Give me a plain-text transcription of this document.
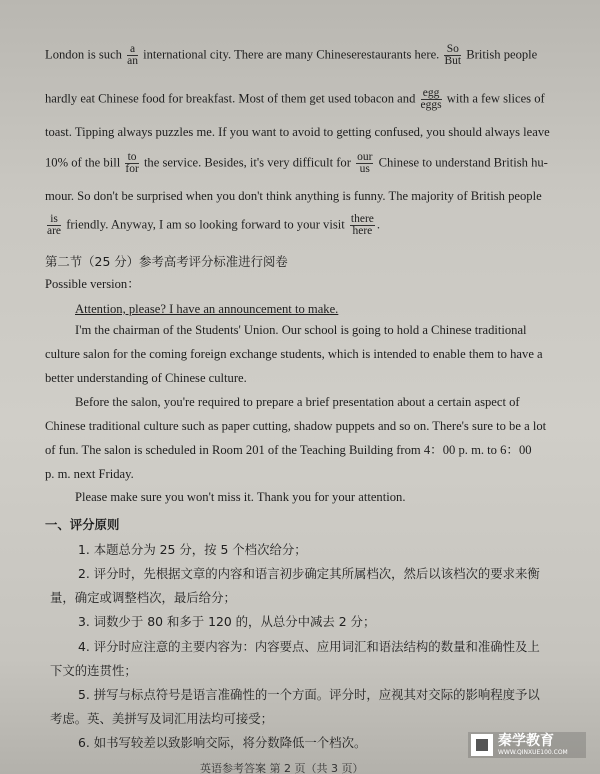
London is such $\frac{a}{an}$ international city. There are many Chineserestaurants here. $\frac{So}{\text{But}}$ British people
hardly eat Chinese food for breakfast. Most of them get used tobacon and $\frac{\text{egg}}{\text{eggs}}$ with a few slices of
toast. Tipping always puzzles me. If you want to avoid to getting confused, you should always leave
10% of the bill $\frac{to}{\text{for}}$ the service. Besides, it's very difficult for $\frac{\text{our}}{us}$ Chinese to understand British hu-
mour. So don't be surprised when you don't think anything is funny. The majority of British people
$\frac{is}{\text{are}}$ friendly. Anyway, I am so looking forward to your visit $\frac{\text{there}}{\text{here}}$ .
第二节（25 分）参考高考评分标准进行阅卷
Possible version：
Attention, please? I have an announcement to make.
I'm the chairman of the Students' Union. Our school is going to hold a Chinese traditional
culture salon for the coming foreign exchange students, which is intended to enable them to have a
better understanding of Chinese culture.
Before the salon, you're required to prepare a brief presentation about a certain aspect of
Chinese traditional culture such as paper cutting, shadow puppets and so on. There's sure to be a lot
of fun. The salon is scheduled in Room 201 of the Teaching Building from 4：00 p. m. to 6：00
p. m. next Friday.
Please make sure you won't miss it. Thank you for your attention.
一、评分原则
1. 本题总分为 25 分，按 5 个档次给分；
2. 评分时，先根据文章的内容和语言初步确定其所属档次，然后以该档次的要求来衡
量，确定或调整档次，最后给分；
3. 词数少于 80 和多于 120 的，从总分中减去 2 分；
4. 评分时应注意的主要内容为：内容要点、应用词汇和语法结构的数量和准确性及上
下文的连贯性；
5. 拼写与标点符号是语言准确性的一个方面。评分时，应视其对交际的影响程度予以
考虑。英、美拼写及词汇用法均可接受；
6. 如书写较差以致影响交际，将分数降低一个档次。
英语参考答案 第 2 页（共 3 页）
秦学教育
WWW.QINXUE100.COM
